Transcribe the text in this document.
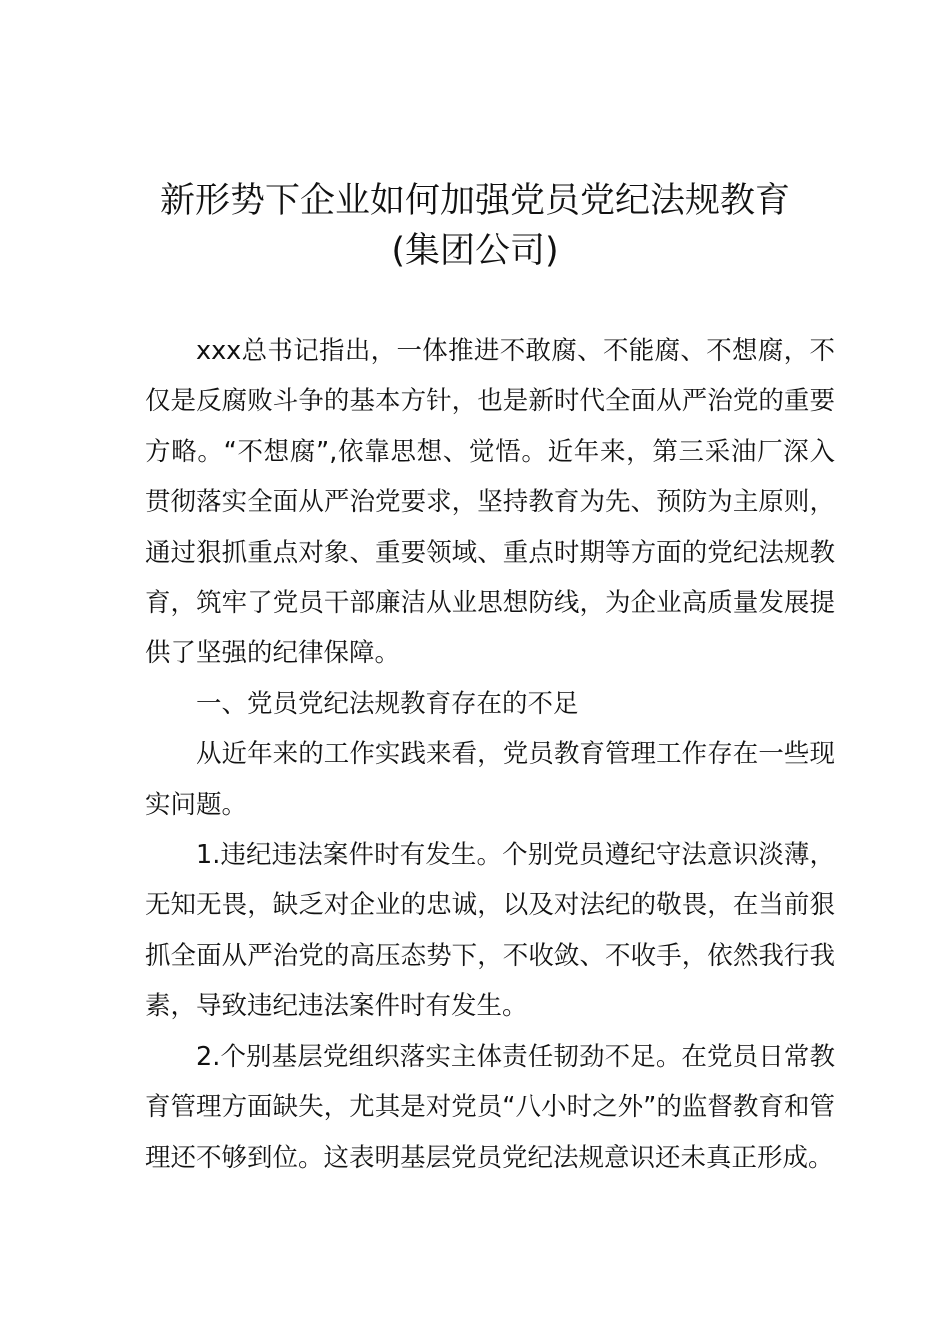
新形势下企业如何加强党员党纪法规教育
(集团公司)

xxx总书记指出，一体推进不敢腐、不能腐、不想腐，不仅是反腐败斗争的基本方针，也是新时代全面从严治党的重要方略。“不想腐”,依靠思想、觉悟。近年来，第三采油厂深入贯彻落实全面从严治党要求，坚持教育为先、预防为主原则，通过狠抓重点对象、重要领域、重点时期等方面的党纪法规教育，筑牢了党员干部廉洁从业思想防线，为企业高质量发展提供了坚强的纪律保障。

一、党员党纪法规教育存在的不足

从近年来的工作实践来看，党员教育管理工作存在一些现实问题。

1.违纪违法案件时有发生。个别党员遵纪守法意识淡薄，无知无畏，缺乏对企业的忠诚，以及对法纪的敬畏，在当前狠抓全面从严治党的高压态势下，不收敛、不收手，依然我行我素，导致违纪违法案件时有发生。

2.个别基层党组织落实主体责任韧劲不足。在党员日常教育管理方面缺失，尤其是对党员“八小时之外”的监督教育和管理还不够到位。这表明基层党员党纪法规意识还未真正形成。
